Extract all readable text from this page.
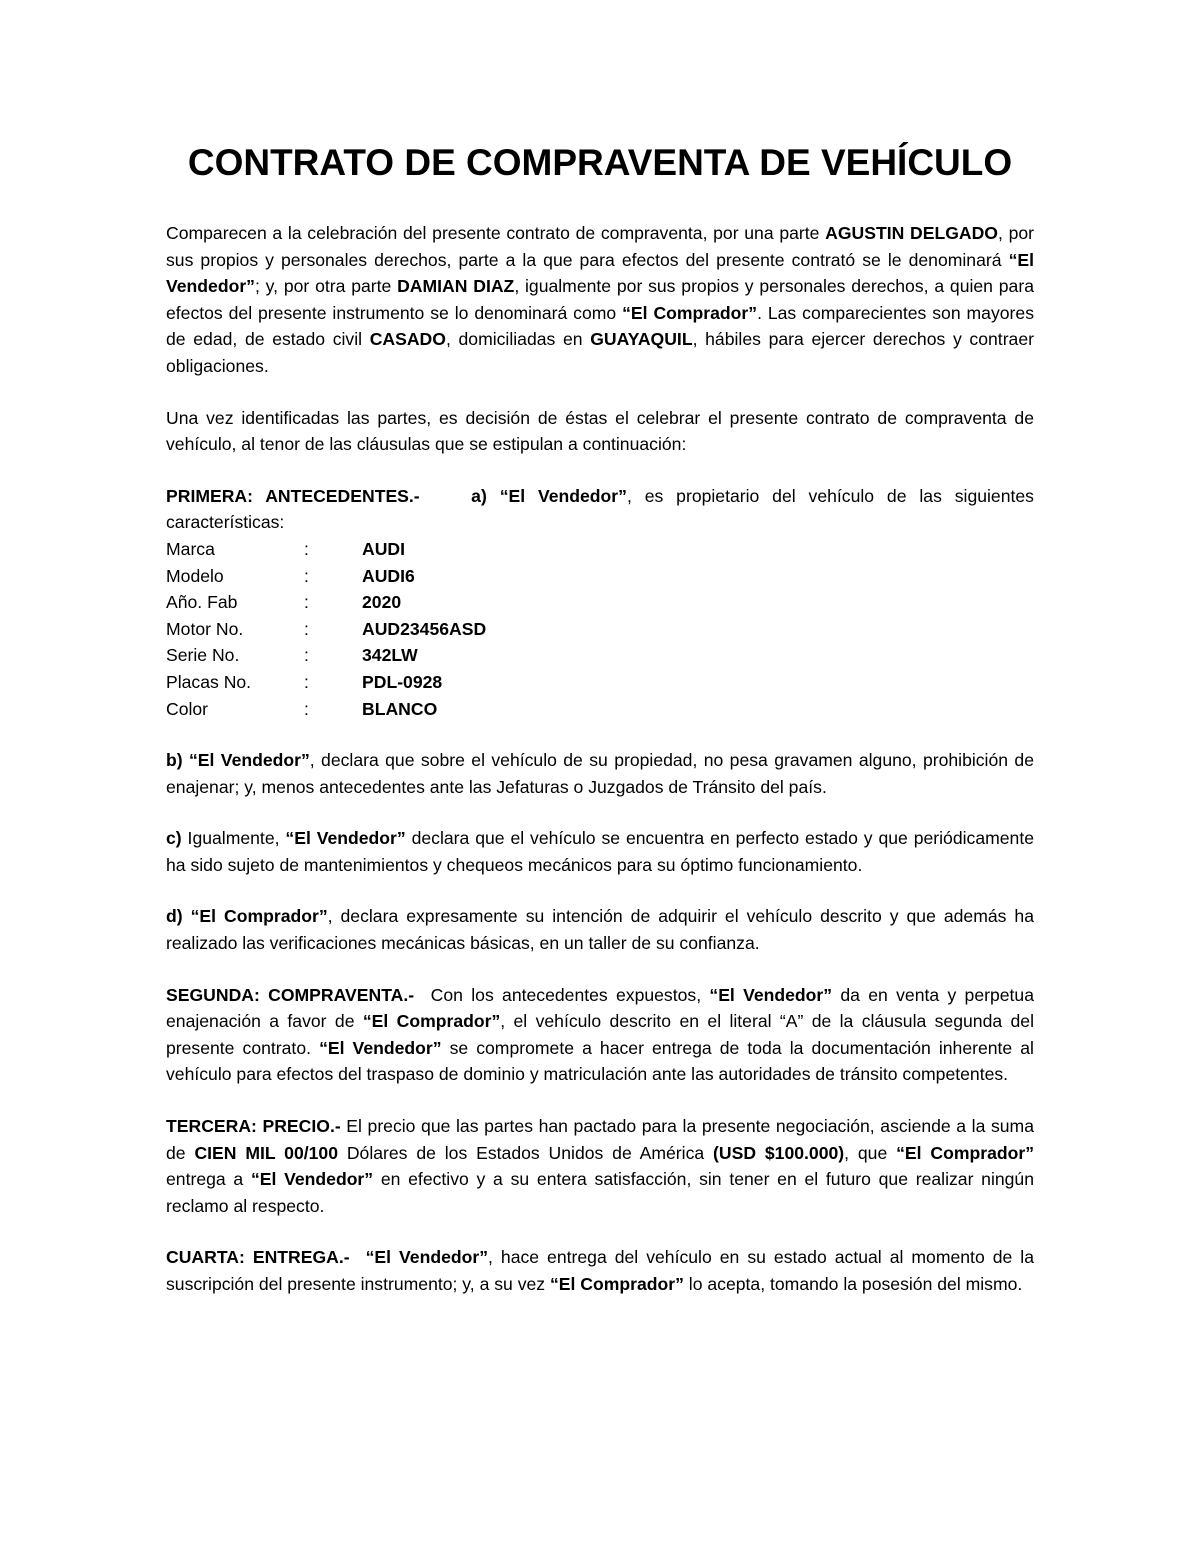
CONTRATO DE COMPRAVENTA DE VEHÍCULO

Comparecen a la celebración del presente contrato de compraventa, por una parte AGUSTIN DELGADO, por sus propios y personales derechos, parte a la que para efectos del presente contrató se le denominará “El Vendedor”; y, por otra parte DAMIAN DIAZ, igualmente por sus propios y personales derechos, a quien para efectos del presente instrumento se lo denominará como “El Comprador”. Las comparecientes son mayores de edad, de estado civil CASADO, domiciliadas en GUAYAQUIL, hábiles para ejercer derechos y contraer obligaciones.

Una vez identificadas las partes, es decisión de éstas el celebrar el presente contrato de compraventa de vehículo, al tenor de las cláusulas que se estipulan a continuación:

PRIMERA: ANTECEDENTES.-	a) “El Vendedor”, es propietario del vehículo de las siguientes características:

Marca	:	AUDI
Modelo	:	AUDI6
Año. Fab	:	2020
Motor No.	:	AUD23456ASD
Serie No.	:	342LW
Placas No.	:	PDL-0928
Color	:	BLANCO

b) “El Vendedor”, declara que sobre el vehículo de su propiedad, no pesa gravamen alguno, prohibición de enajenar; y, menos antecedentes ante las Jefaturas o Juzgados de Tránsito del país.

c) Igualmente, “El Vendedor” declara que el vehículo se encuentra en perfecto estado y que periódicamente ha sido sujeto de mantenimientos y chequeos mecánicos para su óptimo funcionamiento.

d) “El Comprador”, declara expresamente su intención de adquirir el vehículo descrito y que además ha realizado las verificaciones mecánicas básicas, en un taller de su confianza.

SEGUNDA: COMPRAVENTA.-  Con los antecedentes expuestos, “El Vendedor” da en venta y perpetua enajenación a favor de “El Comprador”, el vehículo descrito en el literal “A” de la cláusula segunda del presente contrato. “El Vendedor” se compromete a hacer entrega de toda la documentación inherente al vehículo para efectos del traspaso de dominio y matriculación ante las autoridades de tránsito competentes.

TERCERA: PRECIO.- El precio que las partes han pactado para la presente negociación, asciende a la suma de CIEN MIL 00/100 Dólares de los Estados Unidos de América (USD $100.000), que “El Comprador” entrega a “El Vendedor” en efectivo y a su entera satisfacción, sin tener en el futuro que realizar ningún reclamo al respecto.

CUARTA: ENTREGA.- “El Vendedor”, hace entrega del vehículo en su estado actual al momento de la suscripción del presente instrumento; y, a su vez “El Comprador” lo acepta, tomando la posesión del mismo.
